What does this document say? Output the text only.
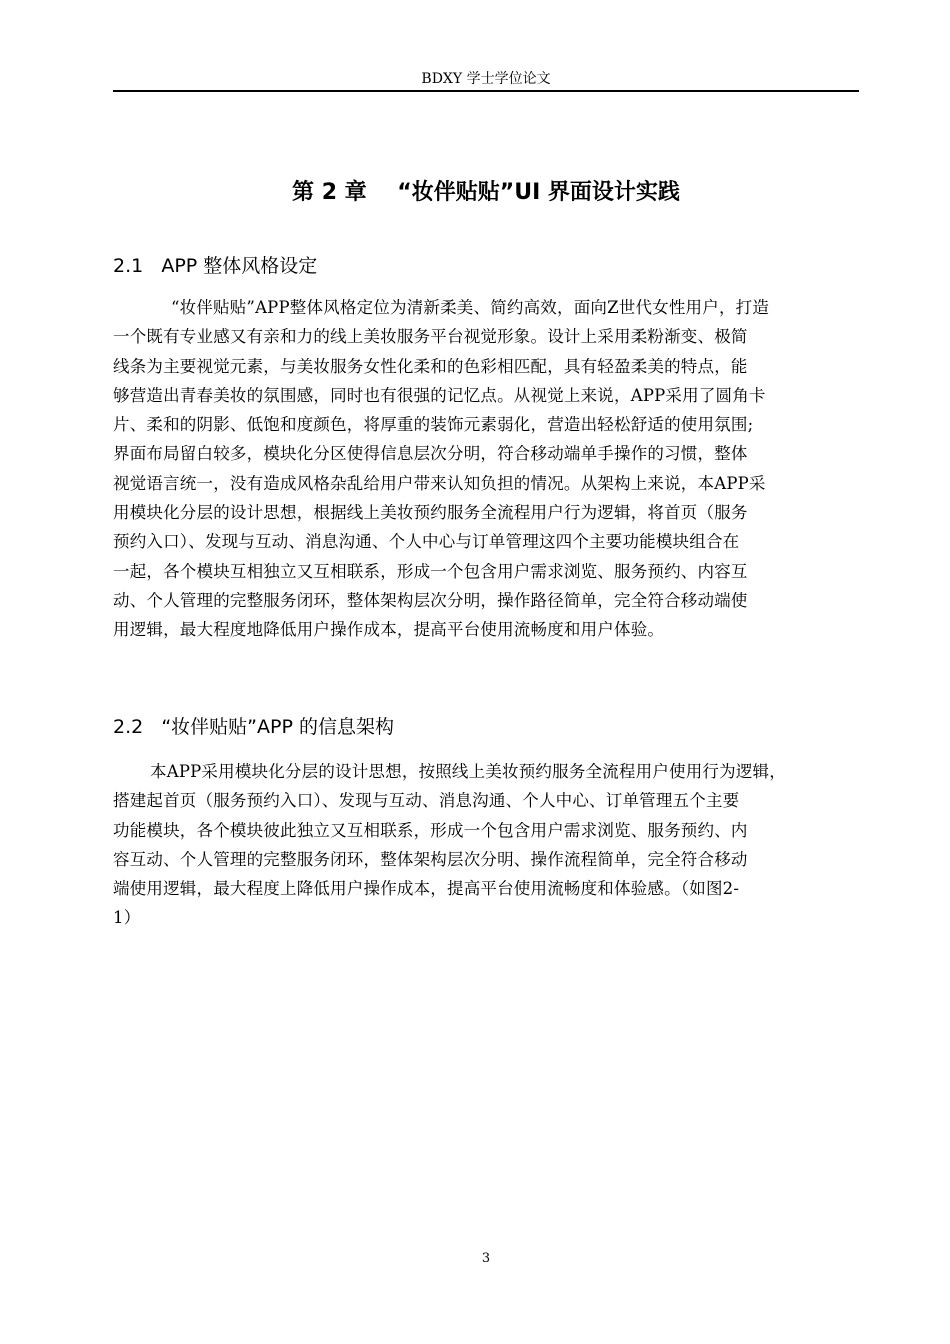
BDXY 学士学位论文
第 2 章    “妆伴贴贴”UI 界面设计实践
2.1   APP 整体风格设定
“妆伴贴贴”APP整体风格定位为清新柔美、简约高效，面向Z世代女性用户，打造
一个既有专业感又有亲和力的线上美妆服务平台视觉形象。设计上采用柔粉渐变、极简
线条为主要视觉元素，与美妆服务女性化柔和的色彩相匹配，具有轻盈柔美的特点，能
够营造出青春美妆的氛围感，同时也有很强的记忆点。从视觉上来说，APP采用了圆角卡
片、柔和的阴影、低饱和度颜色，将厚重的装饰元素弱化，营造出轻松舒适的使用氛围;
界面布局留白较多，模块化分区使得信息层次分明，符合移动端单手操作的习惯，整体
视觉语言统一，没有造成风格杂乱给用户带来认知负担的情况。从架构上来说，本APP采
用模块化分层的设计思想，根据线上美妆预约服务全流程用户行为逻辑，将首页（服务
预约入口）、发现与互动、消息沟通、个人中心与订单管理这四个主要功能模块组合在
一起，各个模块互相独立又互相联系，形成一个包含用户需求浏览、服务预约、内容互
动、个人管理的完整服务闭环，整体架构层次分明，操作路径简单，完全符合移动端使
用逻辑，最大程度地降低用户操作成本，提高平台使用流畅度和用户体验。
2.2   “妆伴贴贴”APP 的信息架构
本APP采用模块化分层的设计思想，按照线上美妆预约服务全流程用户使用行为逻辑，
搭建起首页（服务预约入口）、发现与互动、消息沟通、个人中心、订单管理五个主要
功能模块，各个模块彼此独立又互相联系，形成一个包含用户需求浏览、服务预约、内
容互动、个人管理的完整服务闭环，整体架构层次分明、操作流程简单，完全符合移动
端使用逻辑，最大程度上降低用户操作成本，提高平台使用流畅度和体验感。（如图2-
1）
3
